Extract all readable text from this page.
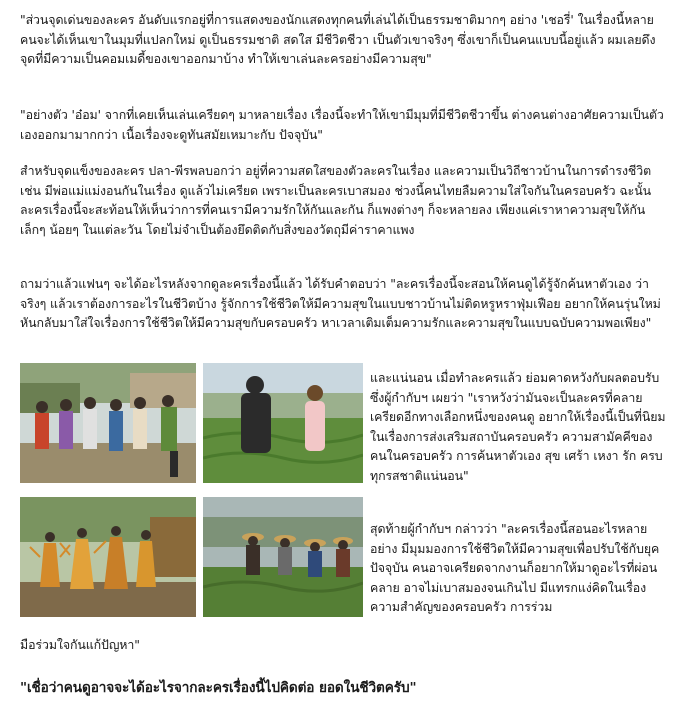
"ส่วนจุดเด่นของละคร อันดับแรกอยู่ที่การแสดงของนักแสดงทุกคนที่เล่นได้เป็นธรรมชาติมากๆ อย่าง 'เชอรี่' ในเรื่องนี้หลายคนจะได้เห็นเขาในมุมที่แปลกใหม่ ดูเป็นธรรมชาติ สดใส มีชีวิตชีวา เป็นตัวเขาจริงๆ ซึ่งเขาก็เป็นคนแบบนี้อยู่แล้ว ผมเลยดึงจุดที่มีความเป็นคอมเมดี้ของเขาออกมาบ้าง ทำให้เขาเล่นละครอย่างมีความสุข"

"อย่างตัว 'อ๋อม' จากที่เคยเห็นเล่นเครียดๆ มาหลายเรื่อง เรื่องนี้จะทำให้เขามีมุมที่มีชีวิตชีวาขึ้น ต่างคนต่างอาศัยความเป็นตัวเองออกมามากกว่า เนื้อเรื่องจะดูทันสมัยเหมาะกับ ปัจจุบัน"

สำหรับจุดแข็งของละคร ปลา-พีรพลบอกว่า อยู่ที่ความสดใสของตัวละครในเรื่อง และความเป็นวิถีชาวบ้านในการดำรงชีวิต เช่น มีพ่อแม่แม่งอนกันในเรื่อง ดูแล้วไม่เครียด เพราะเป็นละครเบาสมอง ช่วงนี้คนไทยลืมความใส่ใจกันในครอบครัว ฉะนั้นละครเรื่องนี้จะสะท้อนให้เห็นว่าการที่คนเรามีความรักให้กันและกัน ก็แพงต่างๆ ก็จะหลายลง เพียงแค่เราหาความสุขให้กันเล็กๆ น้อยๆ ในแต่ละวัน โดยไม่จำเป็นต้องยึดติดกับสิ่งของวัตถุมีค่าราคาแพง

ถามว่าแล้วแฟนๆ จะได้อะไรหลังจากดูละครเรื่องนี้แล้ว ได้รับคำตอบว่า "ละครเรื่องนี้จะสอนให้คนดูได้รู้จักค้นหาตัวเอง ว่าจริงๆ แล้วเราต้องการอะไรในชีวิตบ้าง รู้จักการใช้ชีวิตให้มีความสุขในแบบชาวบ้านไม่ติดหรูหราฟุ่มเฟือย อยากให้คนรุ่นใหม่หันกลับมาใส่ใจเรื่องการใช้ชีวิตให้มีความสุขกับครอบครัว หาเวลาเติมเต็มความรักและความสุขในแบบฉบับความพอเพียง"

และแน่นอน เมื่อทำละครแล้ว ย่อมคาดหวังกับผลตอบรับ ซึ่งผู้กำกับฯ เผยว่า "เราหวังว่ามันจะเป็นละครที่คลายเครียดอีกทางเลือกหนึ่งของคนดู อยากให้เรื่องนี้เป็นที่นิยมในเรื่องการส่งเสริมสถาบันครอบครัว ความสามัคคีของคนในครอบครัว การค้นหาตัวเอง สุข เศร้า เหงา รัก ครบทุกรสชาติแน่นอน"

สุดท้ายผู้กำกับฯ กล่าวว่า "ละครเรื่องนี้สอนอะไรหลายอย่าง มีมุมมองการใช้ชีวิตให้มีความสุขเพื่อปรับใช้กับยุคปัจจุบัน คนอาจเครียดจากงานก็อยากให้มาดูอะไรที่ผ่อนคลาย อาจไม่เบาสมองจนเกินไป มีแทรกแง่คิดในเรื่องความสำคัญของครอบครัว การร่วม

มือร่วมใจกันแก้ปัญหา"

"เชื่อว่าคนดูอาจจะได้อะไรจากละครเรื่องนี้ไปคิดต่อ ยอดในชีวิตครับ"
